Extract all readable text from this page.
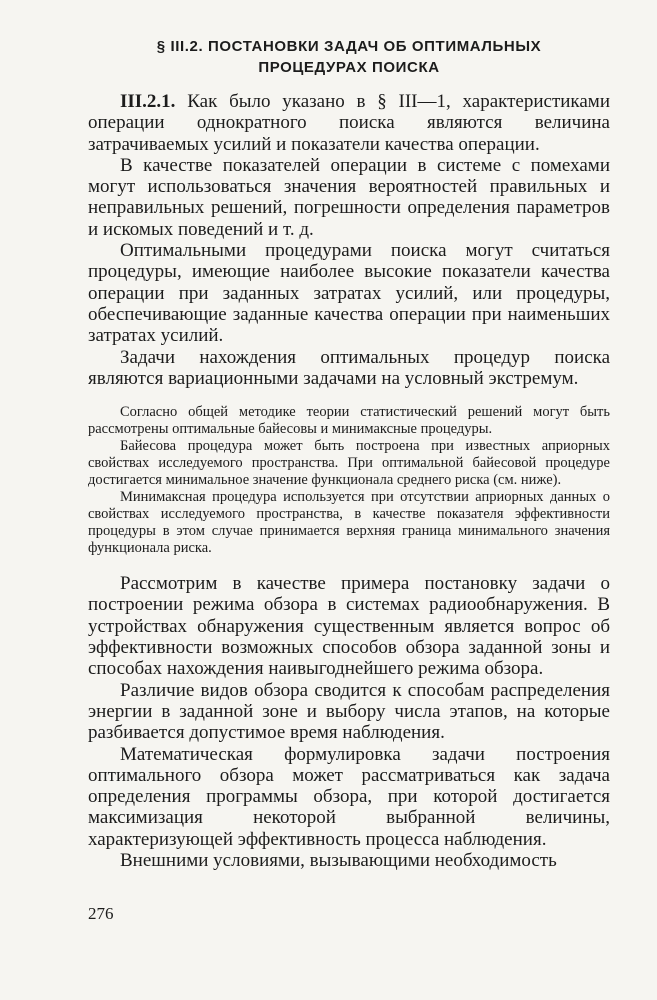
§ III.2. ПОСТАНОВКИ ЗАДАЧ ОБ ОПТИМАЛЬНЫХ
ПРОЦЕДУРАХ ПОИСКА

III.2.1. Как было указано в § III—1, характеристиками операции однократного поиска являются величина затрачиваемых усилий и показатели качества операции.

В качестве показателей операции в системе с помехами могут использоваться значения вероятностей правильных и неправильных решений, погрешности определения параметров и искомых поведений и т. д.

Оптимальными процедурами поиска могут считаться процедуры, имеющие наиболее высокие показатели качества операции при заданных затратах усилий, или процедуры, обеспечивающие заданные качества операции при наименьших затратах усилий.

Задачи нахождения оптимальных процедур поиска являются вариационными задачами на условный экстремум.

Согласно общей методике теории статистический решений могут быть рассмотрены оптимальные байесовы и минимаксные процедуры.

Байесова процедура может быть построена при известных априорных свойствах исследуемого пространства. При оптимальной байесовой процедуре достигается минимальное значение функционала среднего риска (см. ниже).

Минимаксная процедура используется при отсутствии априорных данных о свойствах исследуемого пространства, в качестве показателя эффективности процедуры в этом случае принимается верхняя граница минимального значения функционала риска.

Рассмотрим в качестве примера постановку задачи о построении режима обзора в системах радиообнаружения. В устройствах обнаружения существенным является вопрос об эффективности возможных способов обзора заданной зоны и способах нахождения наивыгоднейшего режима обзора.

Различие видов обзора сводится к способам распределения энергии в заданной зоне и выбору числа этапов, на которые разбивается допустимое время наблюдения.

Математическая формулировка задачи построения оптимального обзора может рассматриваться как задача определения программы обзора, при которой достигается максимизация некоторой выбранной величины, характеризующей эффективность процесса наблюдения.

Внешними условиями, вызывающими необходимость

276
